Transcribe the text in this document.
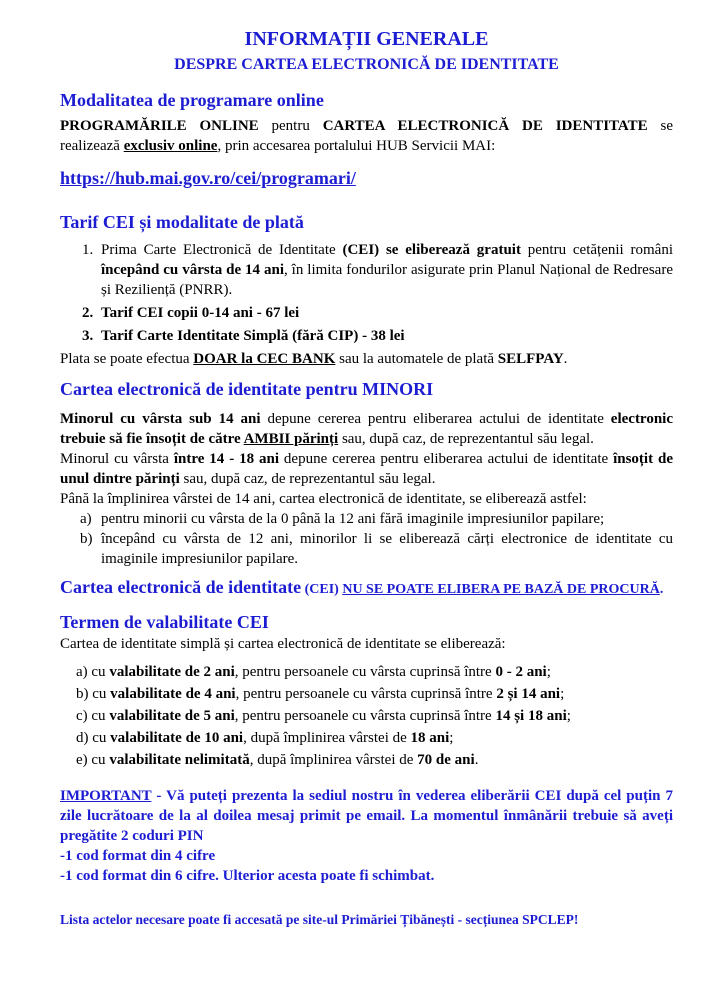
INFORMAȚII GENERALE
DESPRE CARTEA ELECTRONICĂ DE IDENTITATE
Modalitatea de programare online

PROGRAMĂRILE ONLINE pentru CARTEA ELECTRONICĂ DE IDENTITATE se realizează exclusiv online, prin accesarea portalului HUB Servicii MAI:

https://hub.mai.gov.ro/cei/programari/
Tarif CEI și modalitate de plată
1. Prima Carte Electronică de Identitate (CEI) se eliberează gratuit pentru cetățenii români începând cu vârsta de 14 ani, în limita fondurilor asigurate prin Planul Național de Redresare și Reziliență (PNRR).
2. Tarif CEI copii 0-14 ani - 67 lei
3. Tarif Carte Identitate Simplă (fără CIP) - 38 lei

Plata se poate efectua DOAR la CEC BANK sau la automatele de plată SELFPAY.

Cartea electronică de identitate pentru MINORI

Minorul cu vârsta sub 14 ani depune cererea pentru eliberarea actului de identitate electronic trebuie să fie însoțit de către AMBII părinți sau, după caz, de reprezentantul său legal.

Minorul cu vârsta între 14 - 18 ani depune cererea pentru eliberarea actului de identitate însoțit de unul dintre părinți sau, după caz, de reprezentantul său legal.

Până la împlinirea vârstei de 14 ani, cartea electronică de identitate, se eliberează astfel:

a) pentru minorii cu vârsta de la 0 până la 12 ani fără imaginile impresiunilor papilare;
b) începând cu vârsta de 12 ani, minorilor li se eliberează cărți electronice de identitate cu imaginile impresiunilor papilare.

Cartea electronică de identitate (CEI) NU SE POATE ELIBERA PE BAZĂ DE PROCURĂ.

Termen de valabilitate CEI

Cartea de identitate simplă și cartea electronică de identitate se eliberează:

a) cu valabilitate de 2 ani, pentru persoanele cu vârsta cuprinsă între 0 - 2 ani;
b) cu valabilitate de 4 ani, pentru persoanele cu vârsta cuprinsă între 2 și 14 ani;
c) cu valabilitate de 5 ani, pentru persoanele cu vârsta cuprinsă între 14 și 18 ani;
d) cu valabilitate de 10 ani, după împlinirea vârstei de 18 ani;
e) cu valabilitate nelimitată, după împlinirea vârstei de 70 de ani.

IMPORTANT - Vă puteți prezenta la sediul nostru în vederea eliberării CEI după cel puțin 7 zile lucrătoare de la al doilea mesaj primit pe email. La momentul înmânării trebuie să aveți pregătite 2 coduri PIN

-1 cod format din 4 cifre
-1 cod format din 6 cifre. Ulterior acesta poate fi schimbat.
Lista actelor necesare poate fi accesată pe site-ul Primăriei Țibănești - secțiunea SPCLEP!
